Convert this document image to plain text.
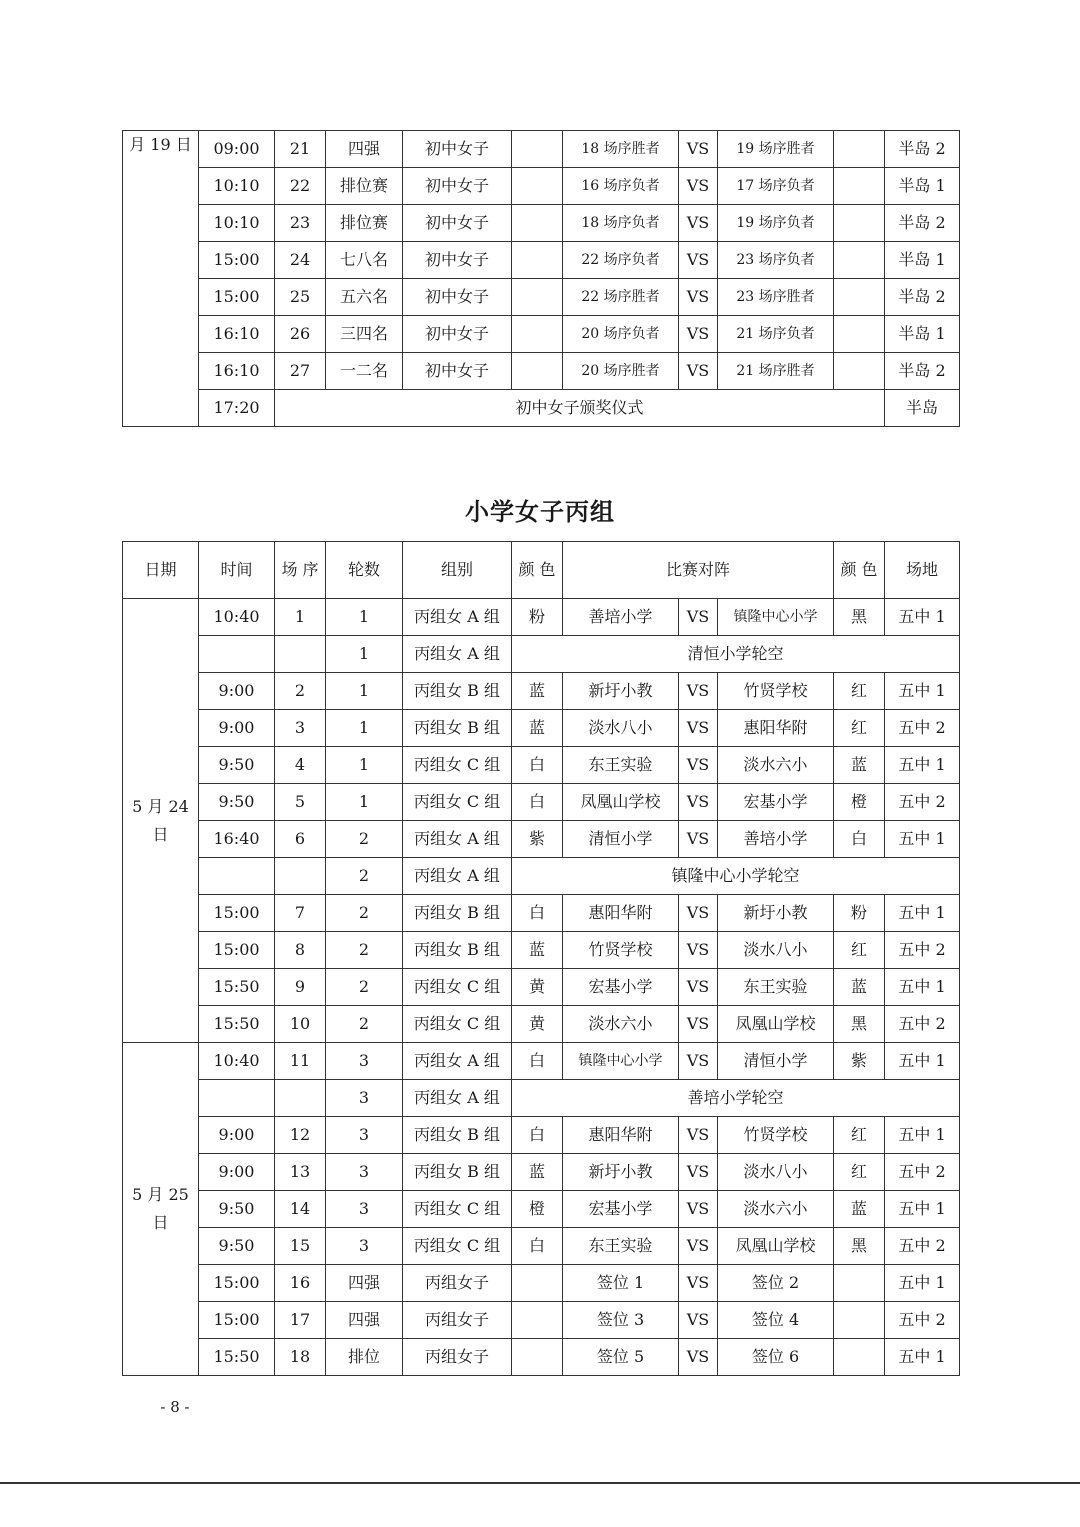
月 19 日	09:00	21	四强	初中女子		18 场序胜者	VS	19 场序胜者		半岛 2
	10:10	22	排位赛	初中女子		16 场序负者	VS	17 场序负者		半岛 1
	10:10	23	排位赛	初中女子		18 场序负者	VS	19 场序负者		半岛 2
	15:00	24	七八名	初中女子		22 场序负者	VS	23 场序负者		半岛 1
	15:00	25	五六名	初中女子		22 场序胜者	VS	23 场序胜者		半岛 2
	16:10	26	三四名	初中女子		20 场序负者	VS	21 场序负者		半岛 1
	16:10	27	一二名	初中女子		20 场序胜者	VS	21 场序胜者		半岛 2
	17:20	初中女子颁奖仪式								半岛
小学女子丙组
日期	时间	场 序	轮数	组别	颜 色	比赛对阵			颜 色	场地
5 月 24 日	10:40	1	1	丙组女 A 组	粉	善培小学	VS	镇隆中心小学	黑	五中 1
			1	丙组女 A 组	清恒小学轮空					
	9:00	2	1	丙组女 B 组	蓝	新圩小教	VS	竹贤学校	红	五中 1
	9:00	3	1	丙组女 B 组	蓝	淡水八小	VS	惠阳华附	红	五中 2
	9:50	4	1	丙组女 C 组	白	东王实验	VS	淡水六小	蓝	五中 1
	9:50	5	1	丙组女 C 组	白	凤凰山学校	VS	宏基小学	橙	五中 2
	16:40	6	2	丙组女 A 组	紫	清恒小学	VS	善培小学	白	五中 1
			2	丙组女 A 组	镇隆中心小学轮空					
	15:00	7	2	丙组女 B 组	白	惠阳华附	VS	新圩小教	粉	五中 1
	15:00	8	2	丙组女 B 组	蓝	竹贤学校	VS	淡水八小	红	五中 2
	15:50	9	2	丙组女 C 组	黄	宏基小学	VS	东王实验	蓝	五中 1
	15:50	10	2	丙组女 C 组	黄	淡水六小	VS	凤凰山学校	黑	五中 2
5 月 25 日	10:40	11	3	丙组女 A 组	白	镇隆中心小学	VS	清恒小学	紫	五中 1
			3	丙组女 A 组	善培小学轮空					
	9:00	12	3	丙组女 B 组	白	惠阳华附	VS	竹贤学校	红	五中 1
	9:00	13	3	丙组女 B 组	蓝	新圩小教	VS	淡水八小	红	五中 2
	9:50	14	3	丙组女 C 组	橙	宏基小学	VS	淡水六小	蓝	五中 1
	9:50	15	3	丙组女 C 组	白	东王实验	VS	凤凰山学校	黑	五中 2
	15:00	16	四强	丙组女子		签位 1	VS	签位 2		五中 1
	15:00	17	四强	丙组女子		签位 3	VS	签位 4		五中 2
	15:50	18	排位	丙组女子		签位 5	VS	签位 6		五中 1
- 8 -
